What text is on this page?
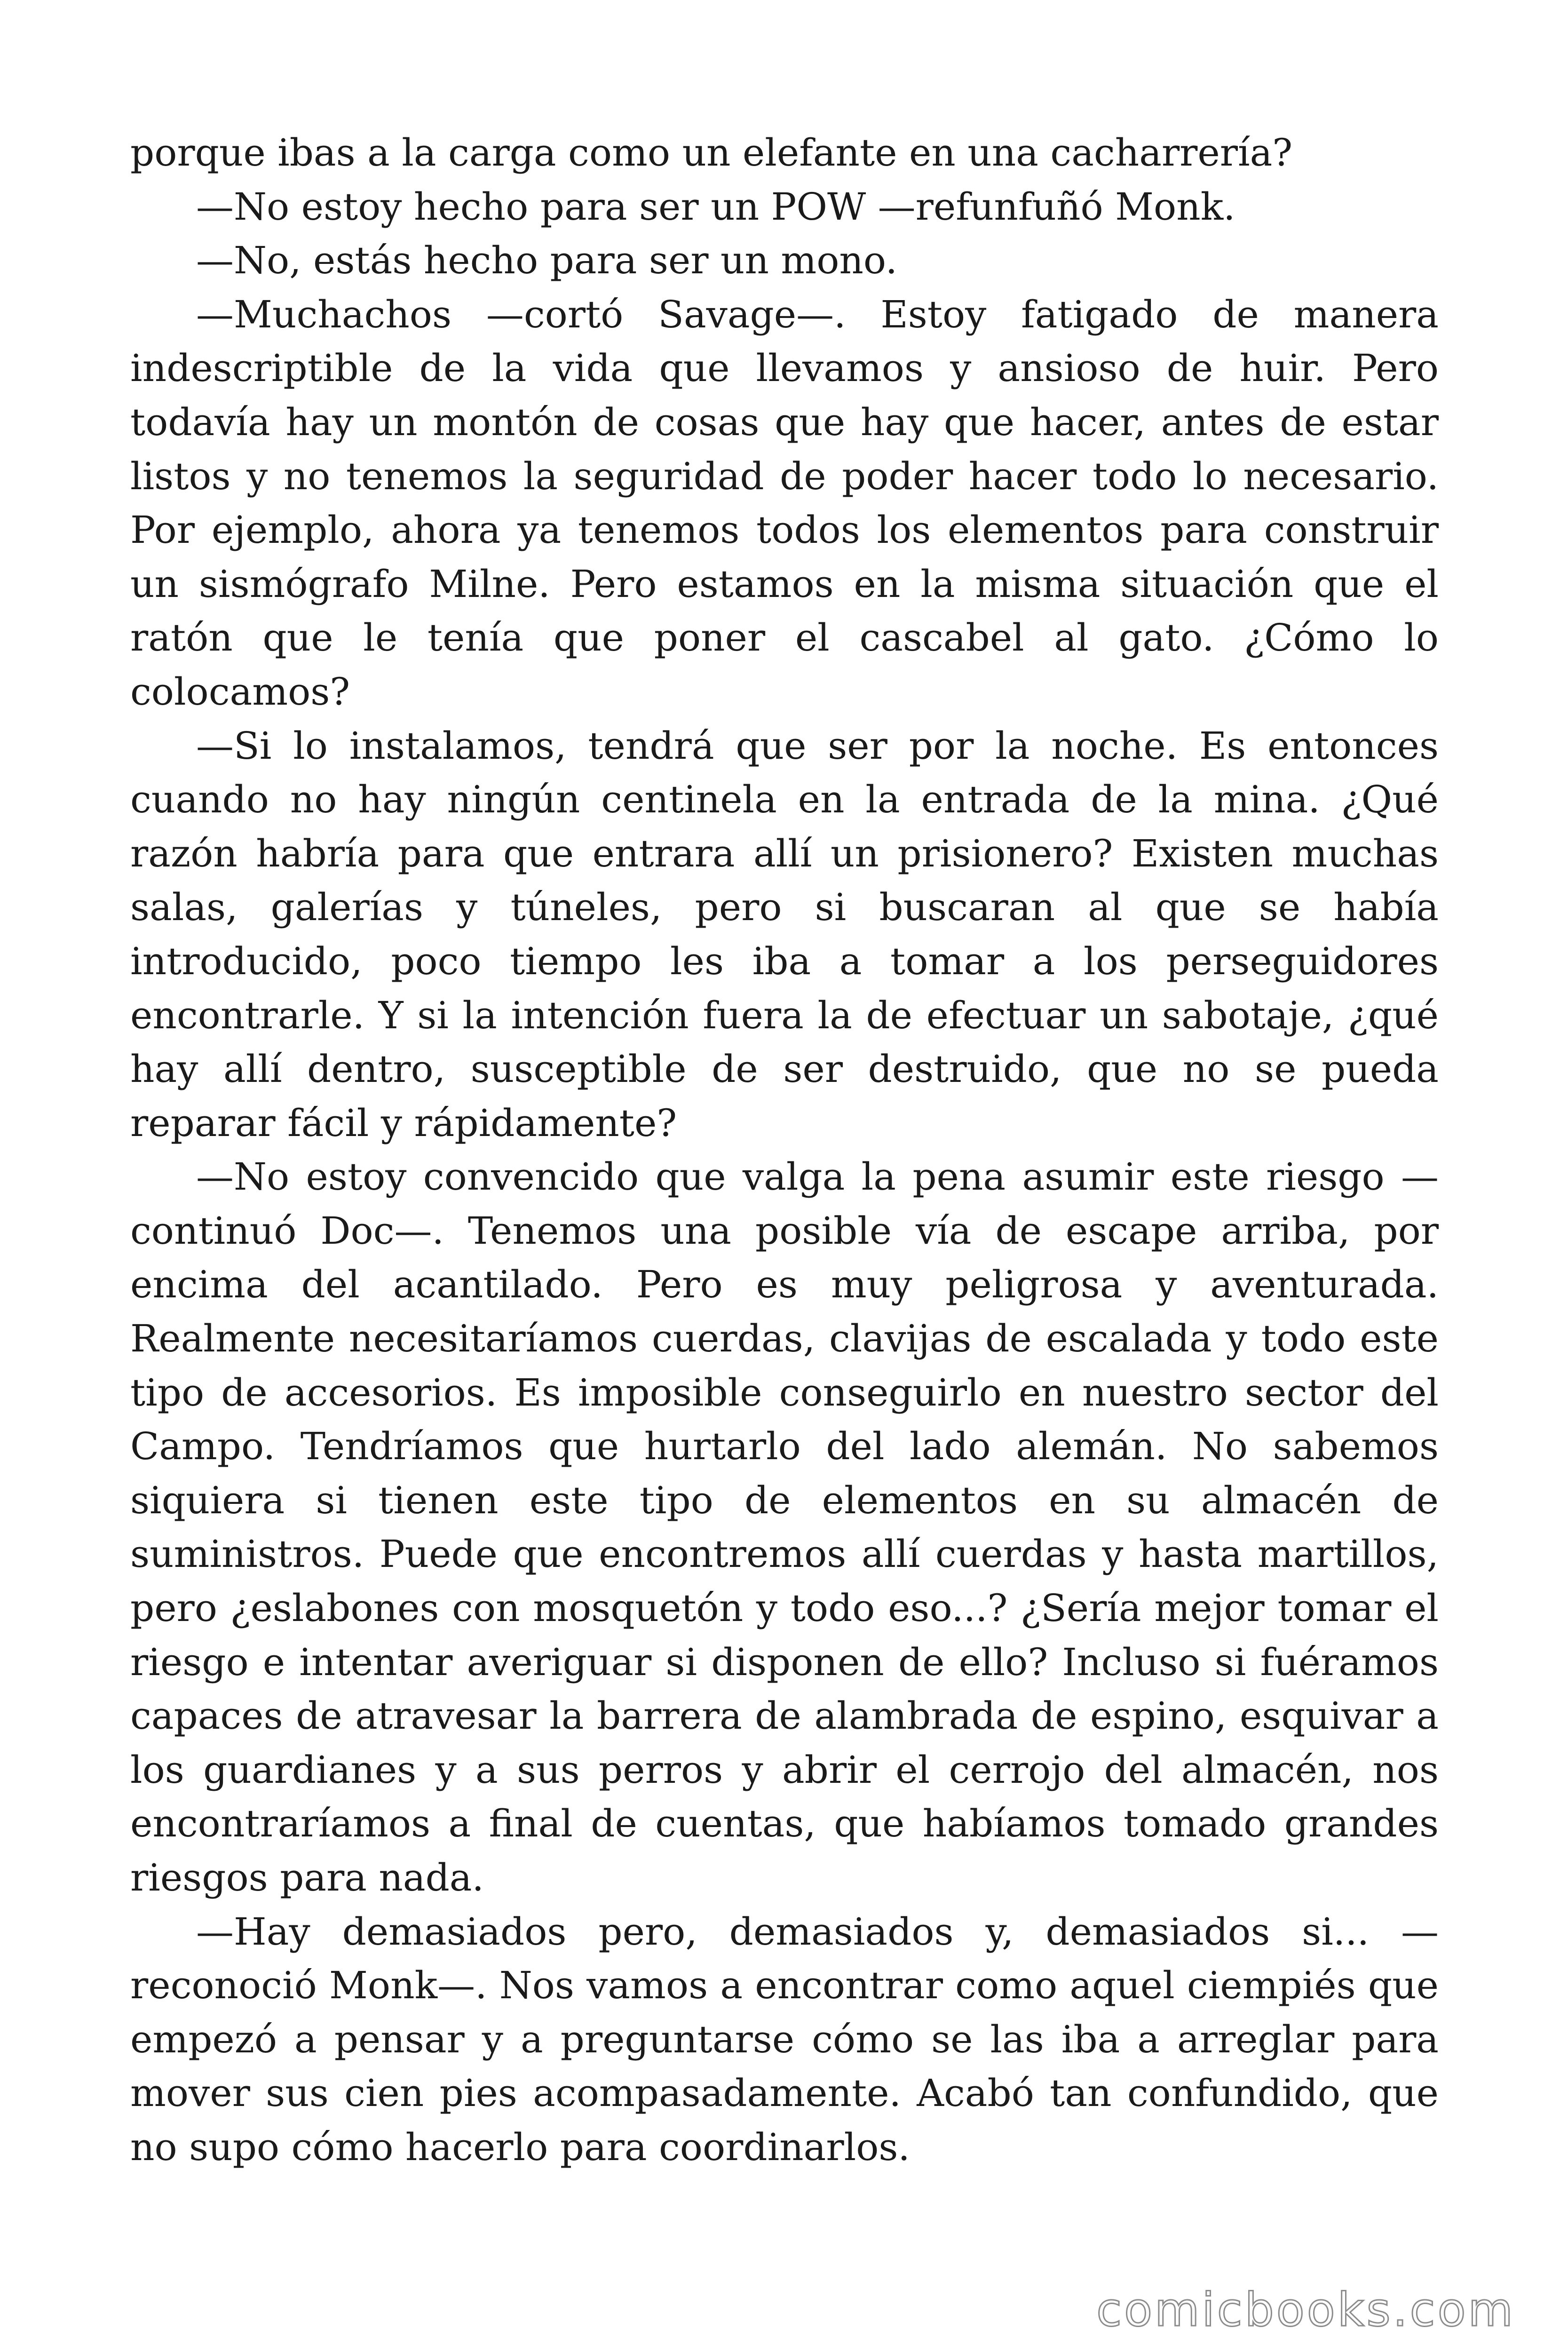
porque ibas a la carga como un elefante en una cacharrería?

—No estoy hecho para ser un POW —refunfuñó Monk.

—No, estás hecho para ser un mono.

—Muchachos —cortó Savage—. Estoy fatigado de manera indescriptible de la vida que llevamos y ansioso de huir. Pero todavía hay un montón de cosas que hay que hacer, antes de estar listos y no tenemos la seguridad de poder hacer todo lo necesario. Por ejemplo, ahora ya tenemos todos los elementos para construir un sismógrafo Milne. Pero estamos en la misma situación que el ratón que le tenía que poner el cascabel al gato. ¿Cómo lo colocamos?

—Si lo instalamos, tendrá que ser por la noche. Es entonces cuando no hay ningún centinela en la entrada de la mina. ¿Qué razón habría para que entrara allí un prisionero? Existen muchas salas, galerías y túneles, pero si buscaran al que se había introducido, poco tiempo les iba a tomar a los perseguidores encontrarle. Y si la intención fuera la de efectuar un sabotaje, ¿qué hay allí dentro, susceptible de ser destruido, que no se pueda reparar fácil y rápidamente?

—No estoy convencido que valga la pena asumir este riesgo —continuó Doc—. Tenemos una posible vía de escape arriba, por encima del acantilado. Pero es muy peligrosa y aventurada. Realmente necesitaríamos cuerdas, clavijas de escalada y todo este tipo de accesorios. Es imposible conseguirlo en nuestro sector del Campo. Tendríamos que hurtarlo del lado alemán. No sabemos siquiera si tienen este tipo de elementos en su almacén de suministros. Puede que encontremos allí cuerdas y hasta martillos, pero ¿eslabones con mosquetón y todo eso...? ¿Sería mejor tomar el riesgo e intentar averiguar si disponen de ello? Incluso si fuéramos capaces de atravesar la barrera de alambrada de espino, esquivar a los guardianes y a sus perros y abrir el cerrojo del almacén, nos encontraríamos a final de cuentas, que habíamos tomado grandes riesgos para nada.

—Hay demasiados pero, demasiados y, demasiados si... —reconoció Monk—. Nos vamos a encontrar como aquel ciempiés que empezó a pensar y a preguntarse cómo se las iba a arreglar para mover sus cien pies acompasadamente. Acabó tan confundido, que no supo cómo hacerlo para coordinarlos.

comicbooks.com
